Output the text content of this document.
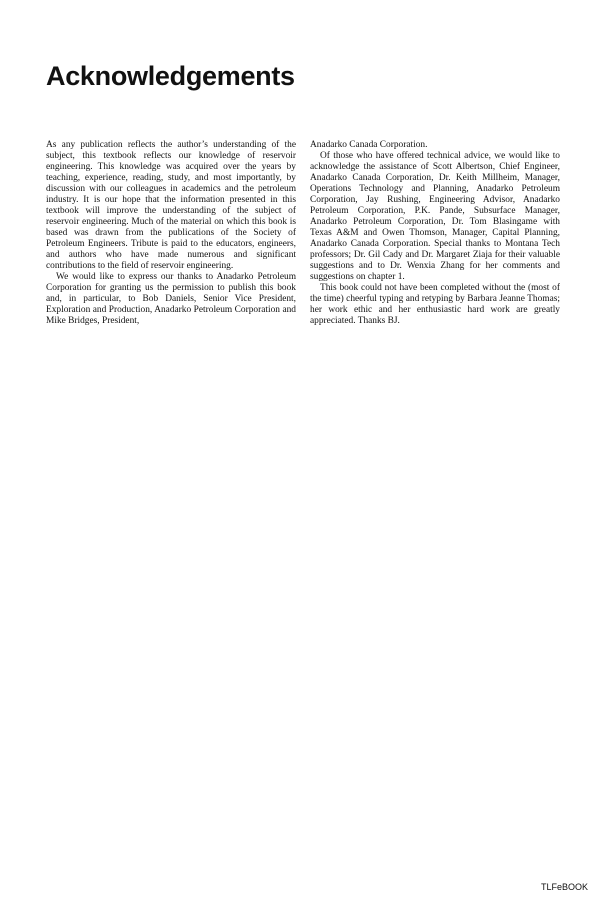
Acknowledgements

As any publication reflects the author’s understanding of the subject, this textbook reflects our knowledge of reservoir engineering. This knowledge was acquired over the years by teaching, experience, reading, study, and most importantly, by discussion with our colleagues in academics and the petroleum industry. It is our hope that the information presented in this textbook will improve the understanding of the subject of reservoir engineering. Much of the material on which this book is based was drawn from the publications of the Society of Petroleum Engineers. Tribute is paid to the educators, engineers, and authors who have made numerous and significant contributions to the field of reservoir engineering.

We would like to express our thanks to Anadarko Petroleum Corporation for granting us the permission to publish this book and, in particular, to Bob Daniels, Senior Vice President, Exploration and Production, Anadarko Petroleum Corporation and Mike Bridges, President,

Anadarko Canada Corporation.

Of those who have offered technical advice, we would like to acknowledge the assistance of Scott Albertson, Chief Engineer, Anadarko Canada Corporation, Dr. Keith Millheim, Manager, Operations Technology and Planning, Anadarko Petroleum Corporation, Jay Rushing, Engineering Advisor, Anadarko Petroleum Corporation, P.K. Pande, Subsurface Manager, Anadarko Petroleum Corporation, Dr. Tom Blasingame with Texas A&M and Owen Thomson, Manager, Capital Planning, Anadarko Canada Corporation. Special thanks to Montana Tech professors; Dr. Gil Cady and Dr. Margaret Ziaja for their valuable suggestions and to Dr. Wenxia Zhang for her comments and suggestions on chapter 1.

This book could not have been completed without the (most of the time) cheerful typing and retyping by Barbara Jeanne Thomas; her work ethic and her enthusiastic hard work are greatly appreciated. Thanks BJ.

TLFeBOOK
